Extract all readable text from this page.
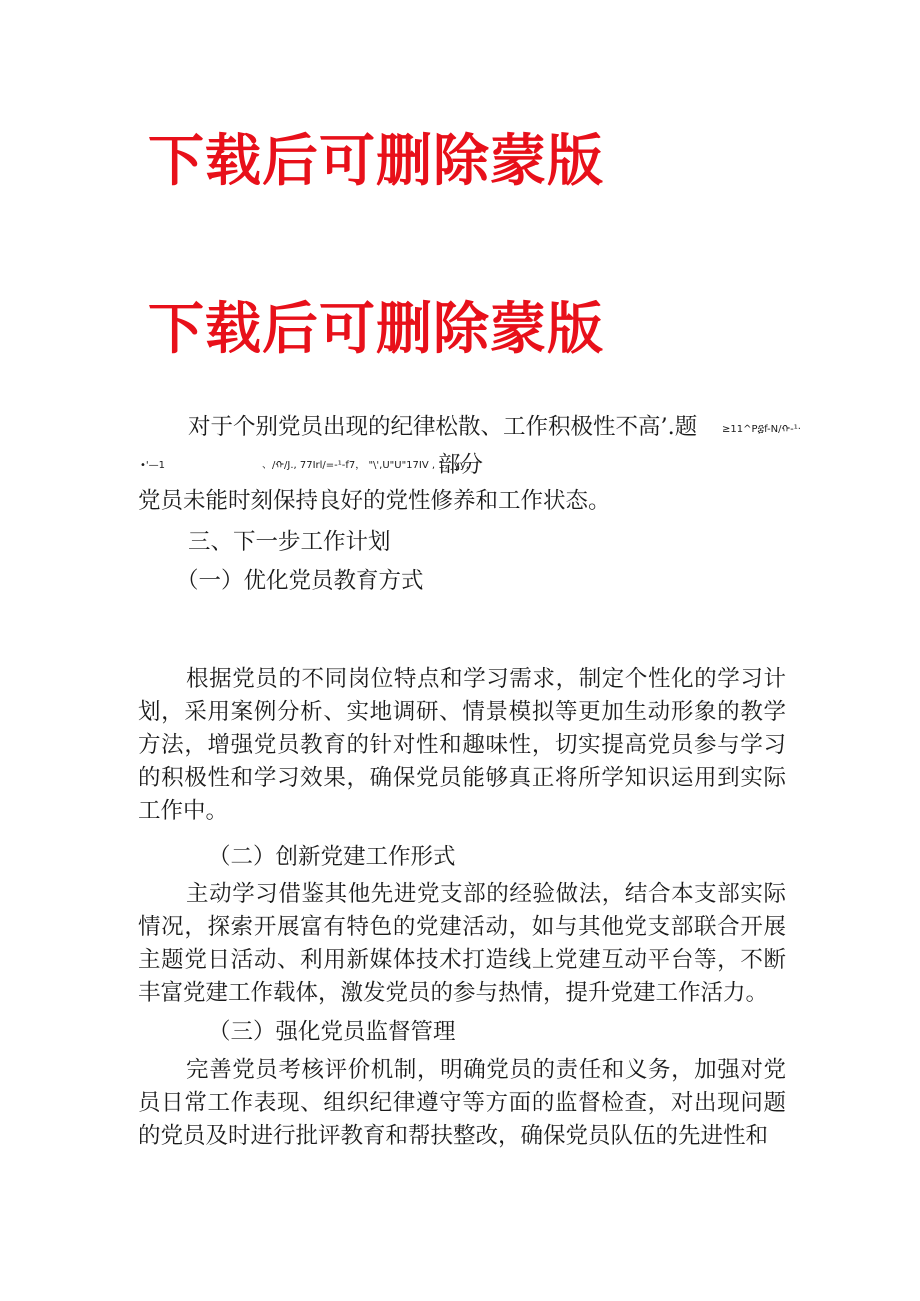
下载后可删除蒙版
下载后可删除蒙版
对于个别党员出现的纪律松散、工作积极性不高’.题 ≥11^P፰f-N/ᠬ-¹·
•'—1	、/ᠬ/J., 77Irl/=-¹-f7， "\',U"U"17IV , 1, Jyy,
部分
党员未能时刻保持良好的党性修养和工作状态。
三、下一步工作计划
（一）优化党员教育方式
根据党员的不同岗位特点和学习需求，制定个性化的学习计划，采用案例分析、实地调研、情景模拟等更加生动形象的教学方法，增强党员教育的针对性和趣味性，切实提高党员参与学习的积极性和学习效果，确保党员能够真正将所学知识运用到实际工作中。
（二）创新党建工作形式
主动学习借鉴其他先进党支部的经验做法，结合本支部实际情况，探索开展富有特色的党建活动，如与其他党支部联合开展主题党日活动、利用新媒体技术打造线上党建互动平台等，不断丰富党建工作载体，激发党员的参与热情，提升党建工作活力。
（三）强化党员监督管理
完善党员考核评价机制，明确党员的责任和义务，加强对党员日常工作表现、组织纪律遵守等方面的监督检查，对出现问题的党员及时进行批评教育和帮扶整改，确保党员队伍的先进性和
